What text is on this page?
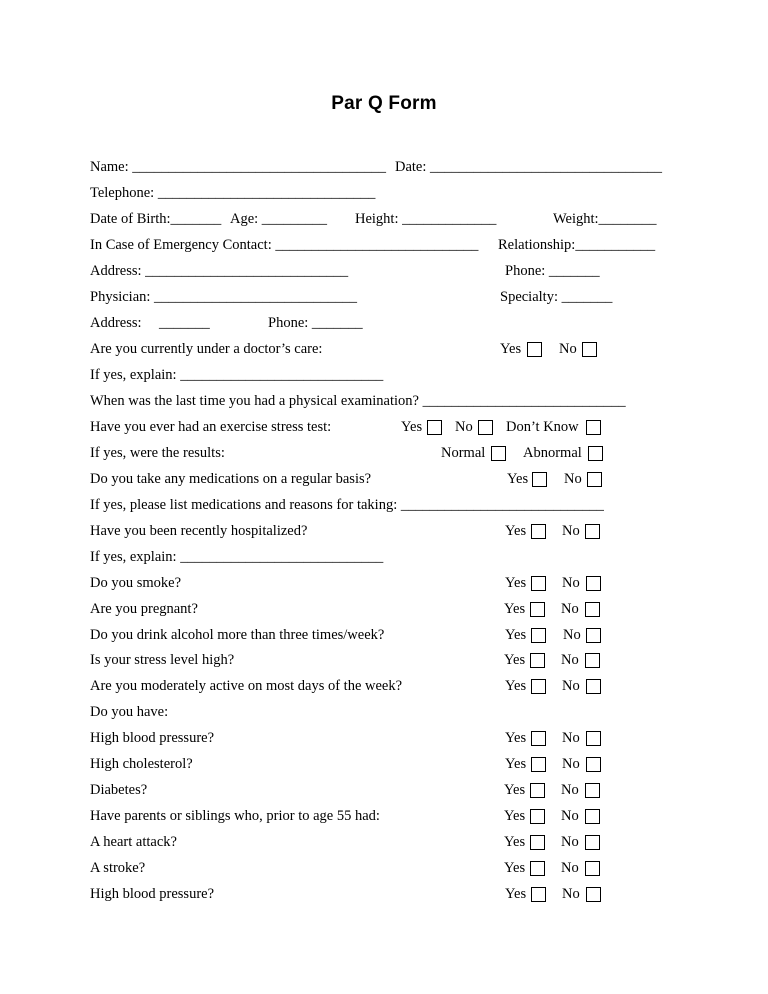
Par Q Form
Name: ___________________________________ Date: ________________________________
Telephone: ______________________________
Date of Birth:_______ Age: _________ Height: _____________	Weight:________
In Case of Emergency Contact: ____________________________ Relationship:___________
Address: ____________________________	Phone: _______
Physician: ____________________________	Specialty: _______
Address: _______	Phone: _______
Are you currently under a doctor’s care:	Yes	No
If yes, explain: ____________________________
When was the last time you had a physical examination? ____________________________
Have you ever had an exercise stress test:	Yes No Don’t Know
If yes, were the results:	Normal	Abnormal
Do you take any medications on a regular basis?	Yes No
If yes, please list medications and reasons for taking: ____________________________
Have you been recently hospitalized?	Yes No
If yes, explain: ____________________________
Do you smoke?	Yes No
Are you pregnant?	Yes No
Do you drink alcohol more than three times/week?	Yes	No
Is your stress level high?	Yes No
Are you moderately active on most days of the week?	Yes No
Do you have:
High blood pressure?	Yes No
High cholesterol?	Yes No
Diabetes?	Yes No
Have parents or siblings who, prior to age 55 had:	Yes No
A heart attack?	Yes No
A stroke?	Yes No
High blood pressure?	Yes No
